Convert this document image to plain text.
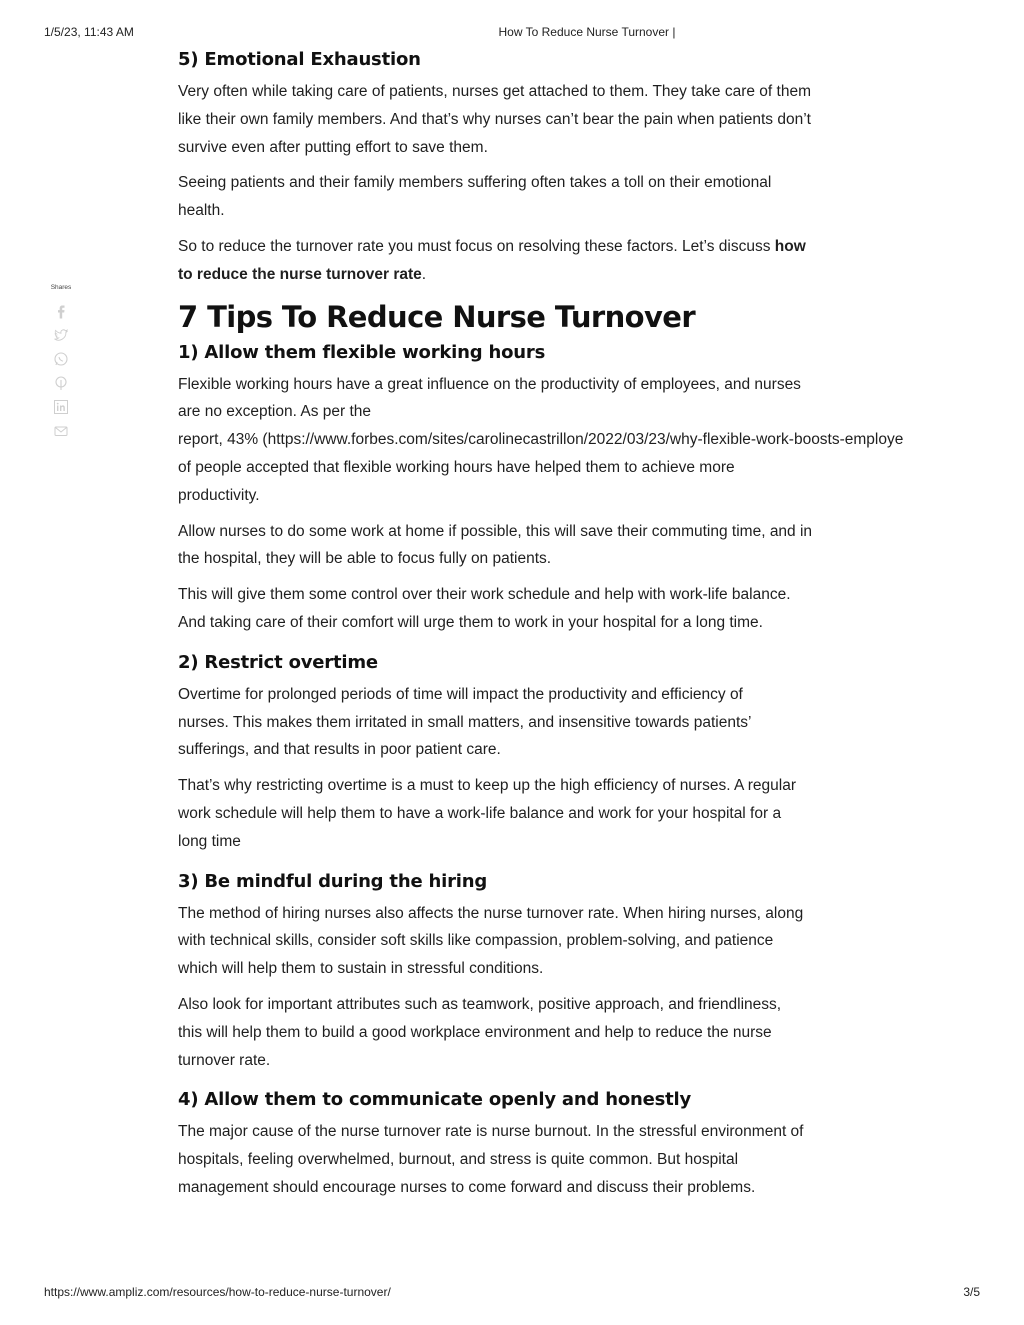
1/5/23, 11:43 AM	How To Reduce Nurse Turnover |
Shares
5) Emotional Exhaustion

Very often while taking care of patients, nurses get attached to them. They take care of them
like their own family members. And that’s why nurses can’t bear the pain when patients don’t
survive even after putting effort to save them.

Seeing patients and their family members suffering often takes a toll on their emotional
health.

So to reduce the turnover rate you must focus on resolving these factors. Let’s discuss how
to reduce the nurse turnover rate.

7 Tips To Reduce Nurse Turnover
1) Allow them flexible working hours

Flexible working hours have a great influence on the productivity of employees, and nurses
are no exception. As per the
report, 43% (https://www.forbes.com/sites/carolinecastrillon/2022/03/23/why-flexible-work-boosts-employe
of people accepted that flexible working hours have helped them to achieve more
productivity.

Allow nurses to do some work at home if possible, this will save their commuting time, and in
the hospital, they will be able to focus fully on patients.

This will give them some control over their work schedule and help with work-life balance.
And taking care of their comfort will urge them to work in your hospital for a long time.

2) Restrict overtime

Overtime for prolonged periods of time will impact the productivity and efficiency of
nurses. This makes them irritated in small matters, and insensitive towards patients’
sufferings, and that results in poor patient care.

That’s why restricting overtime is a must to keep up the high efficiency of nurses. A regular
work schedule will help them to have a work-life balance and work for your hospital for a
long time

3) Be mindful during the hiring

The method of hiring nurses also affects the nurse turnover rate. When hiring nurses, along
with technical skills, consider soft skills like compassion, problem-solving, and patience
which will help them to sustain in stressful conditions.

Also look for important attributes such as teamwork, positive approach, and friendliness,
this will help them to build a good workplace environment and help to reduce the nurse
turnover rate.

4) Allow them to communicate openly and honestly

The major cause of the nurse turnover rate is nurse burnout. In the stressful environment of
hospitals, feeling overwhelmed, burnout, and stress is quite common. But hospital
management should encourage nurses to come forward and discuss their problems.

https://www.ampliz.com/resources/how-to-reduce-nurse-turnover/	3/5
